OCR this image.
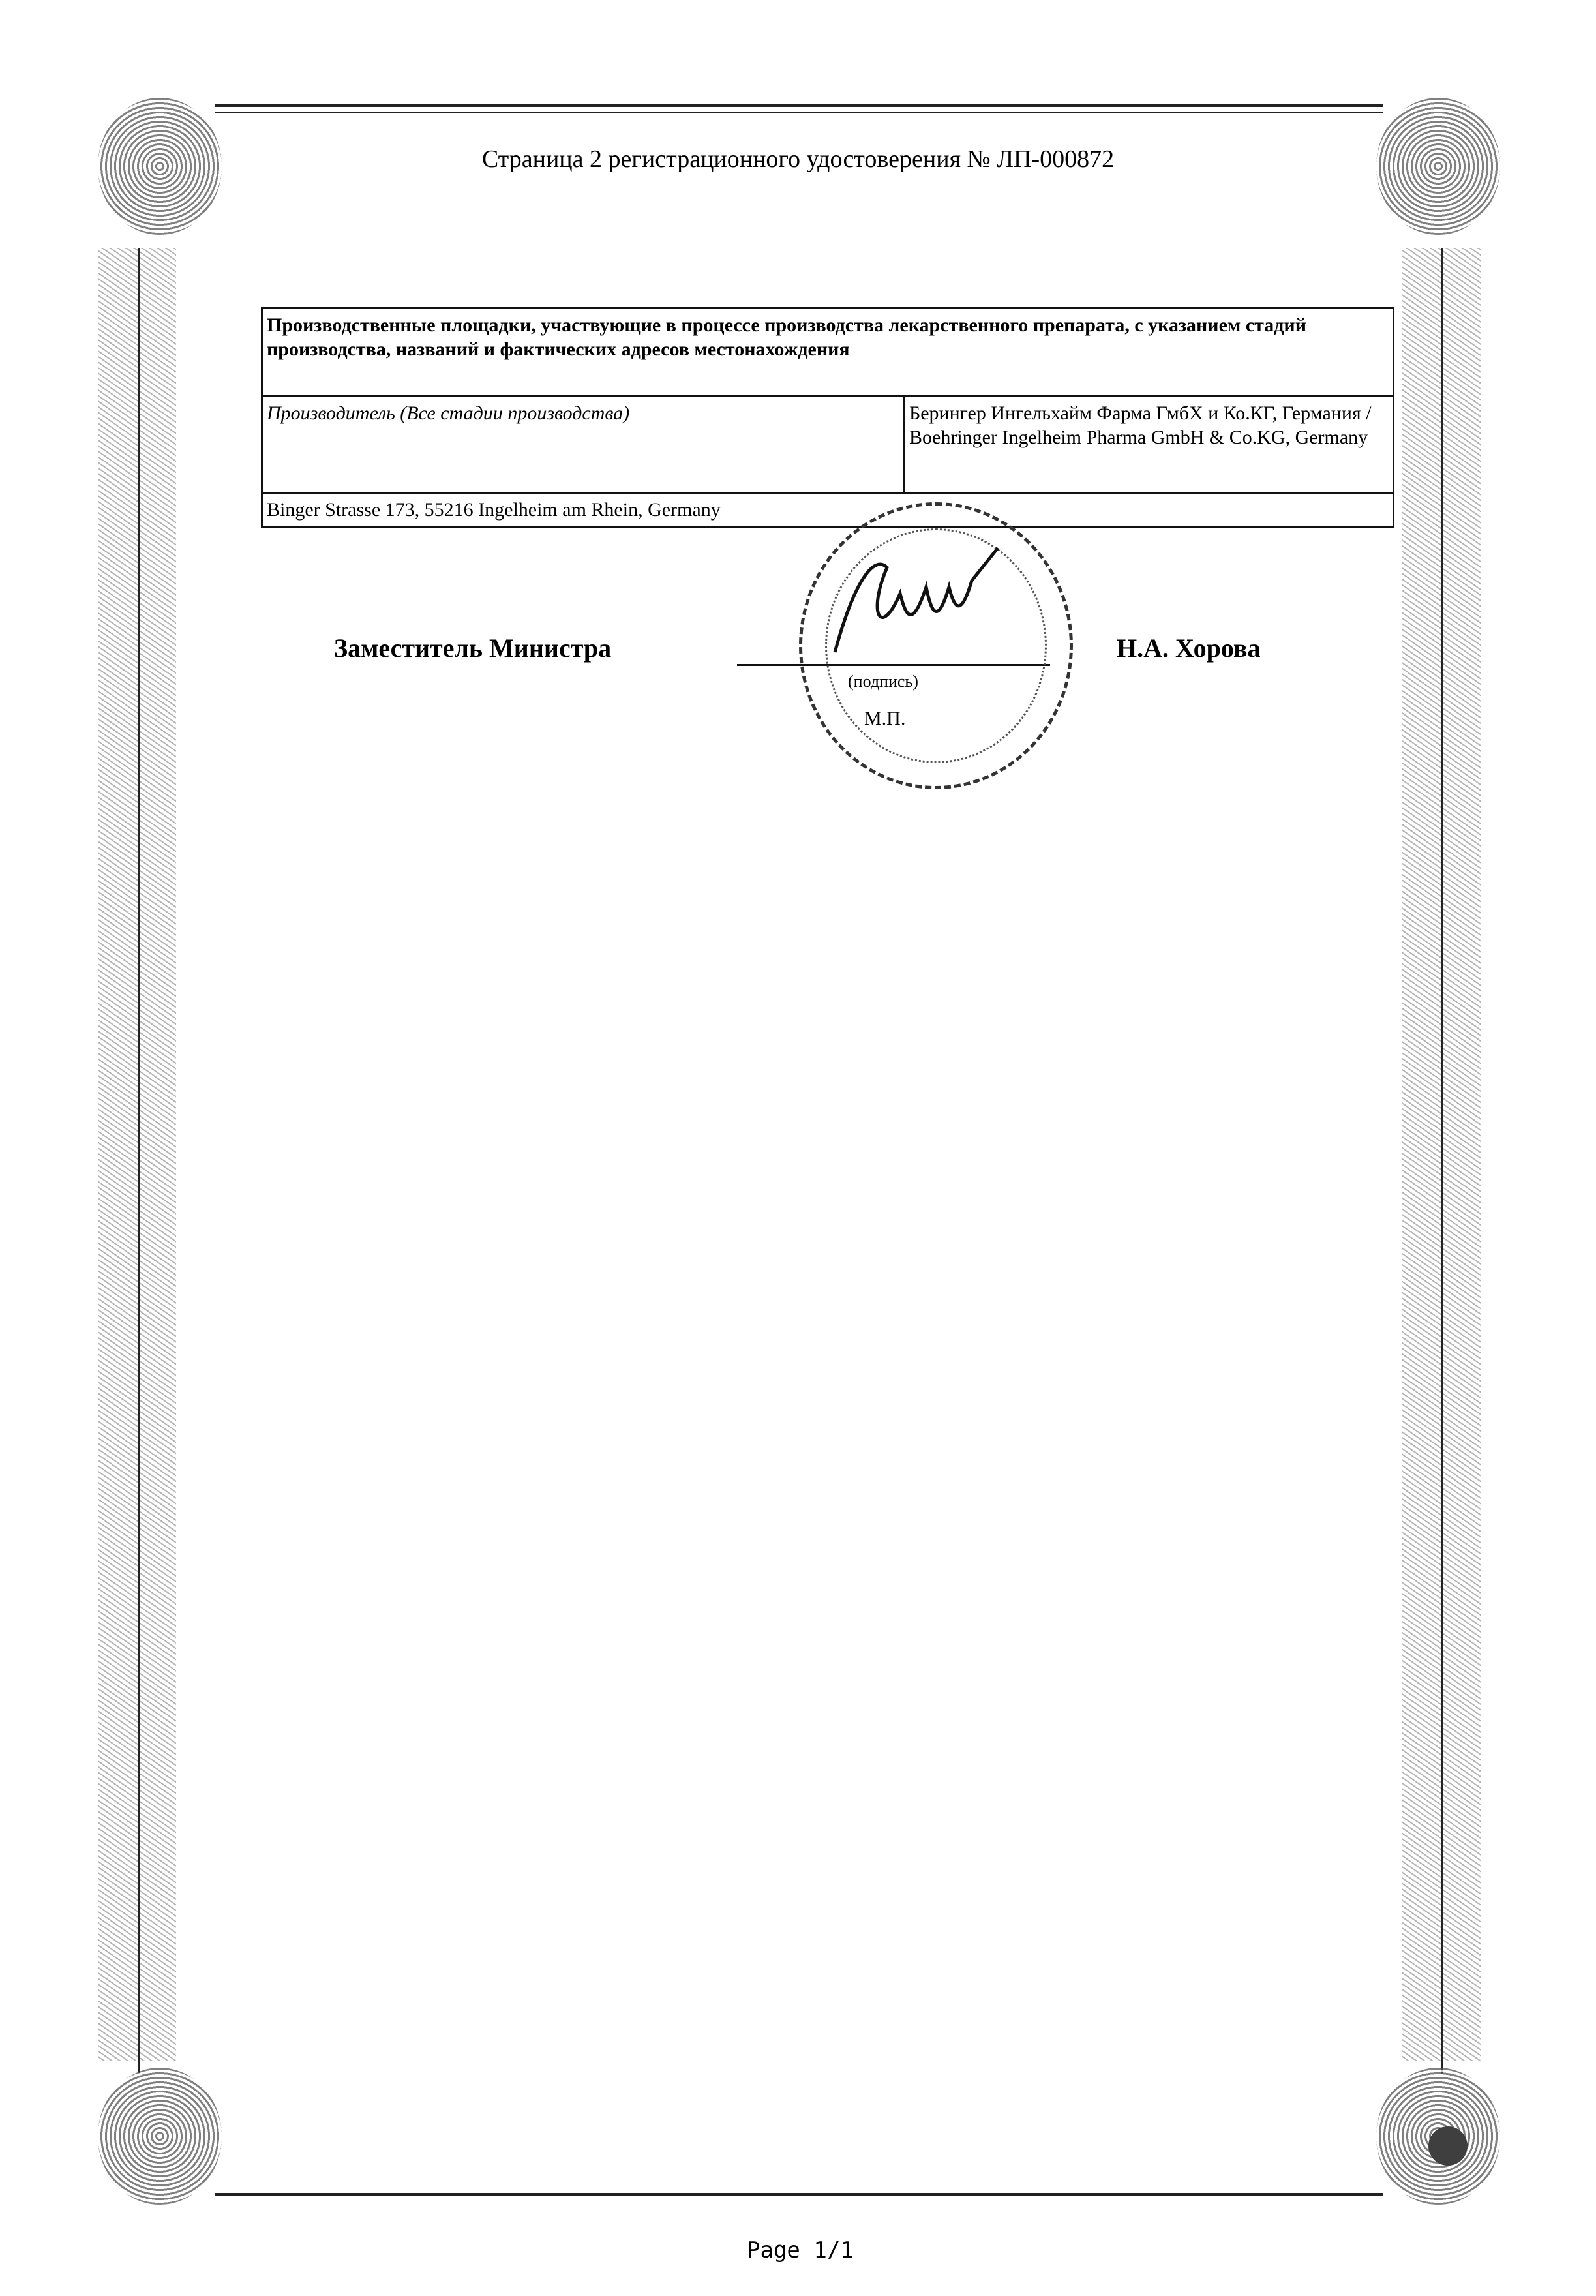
Страница 2 регистрационного удостоверения № ЛП-000872
Производственные площадки, участвующие в процессе производства лекарственного препарата, с указанием стадий производства, названий и фактических адресов местонахождения
Производитель (Все стадии производства)	Берингер Ингельхайм Фарма ГмбХ и Ко.КГ, Германия / Boehringer Ingelheim Pharma GmbH & Co.KG, Germany
Binger Strasse 173, 55216 Ingelheim am Rhein, Germany
Заместитель Министра
(подпись)
М.П.
Н.А. Хорова
Page 1/1
